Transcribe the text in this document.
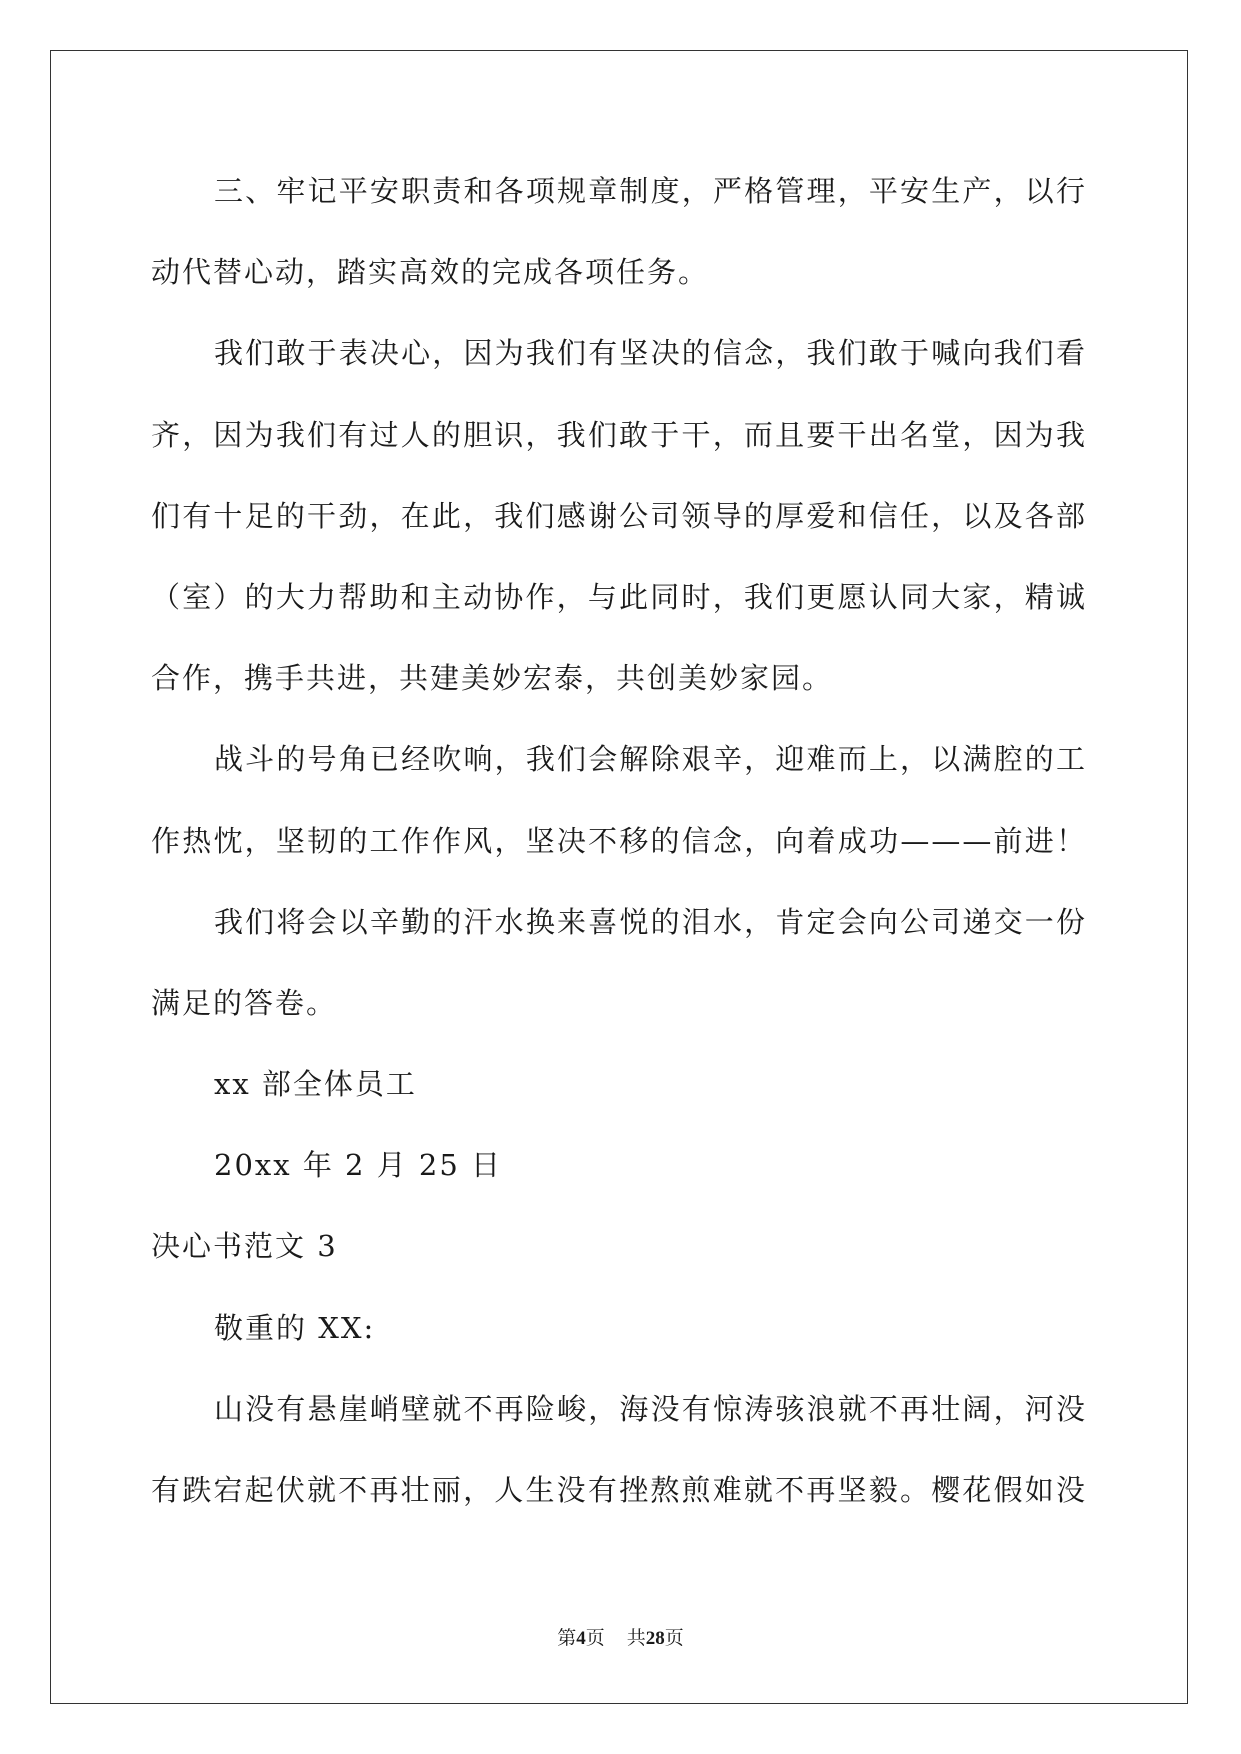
三、牢记平安职责和各项规章制度，严格管理，平安生产，以行
动代替心动，踏实高效的完成各项任务。
我们敢于表决心，因为我们有坚决的信念，我们敢于喊向我们看
齐，因为我们有过人的胆识，我们敢于干，而且要干出名堂，因为我
们有十足的干劲，在此，我们感谢公司领导的厚爱和信任，以及各部
（室）的大力帮助和主动协作，与此同时，我们更愿认同大家，精诚
合作，携手共进，共建美妙宏泰，共创美妙家园。
战斗的号角已经吹响，我们会解除艰辛，迎难而上，以满腔的工
作热忱，坚韧的工作作风，坚决不移的信念，向着成功———前进！
我们将会以辛勤的汗水换来喜悦的泪水，肯定会向公司递交一份
满足的答卷。
xx 部全体员工
20xx 年 2 月 25 日
决心书范文 3
敬重的 XX:
山没有悬崖峭壁就不再险峻，海没有惊涛骇浪就不再壮阔，河没
有跌宕起伏就不再壮丽，人生没有挫熬煎难就不再坚毅。樱花假如没
第4页 共28页
